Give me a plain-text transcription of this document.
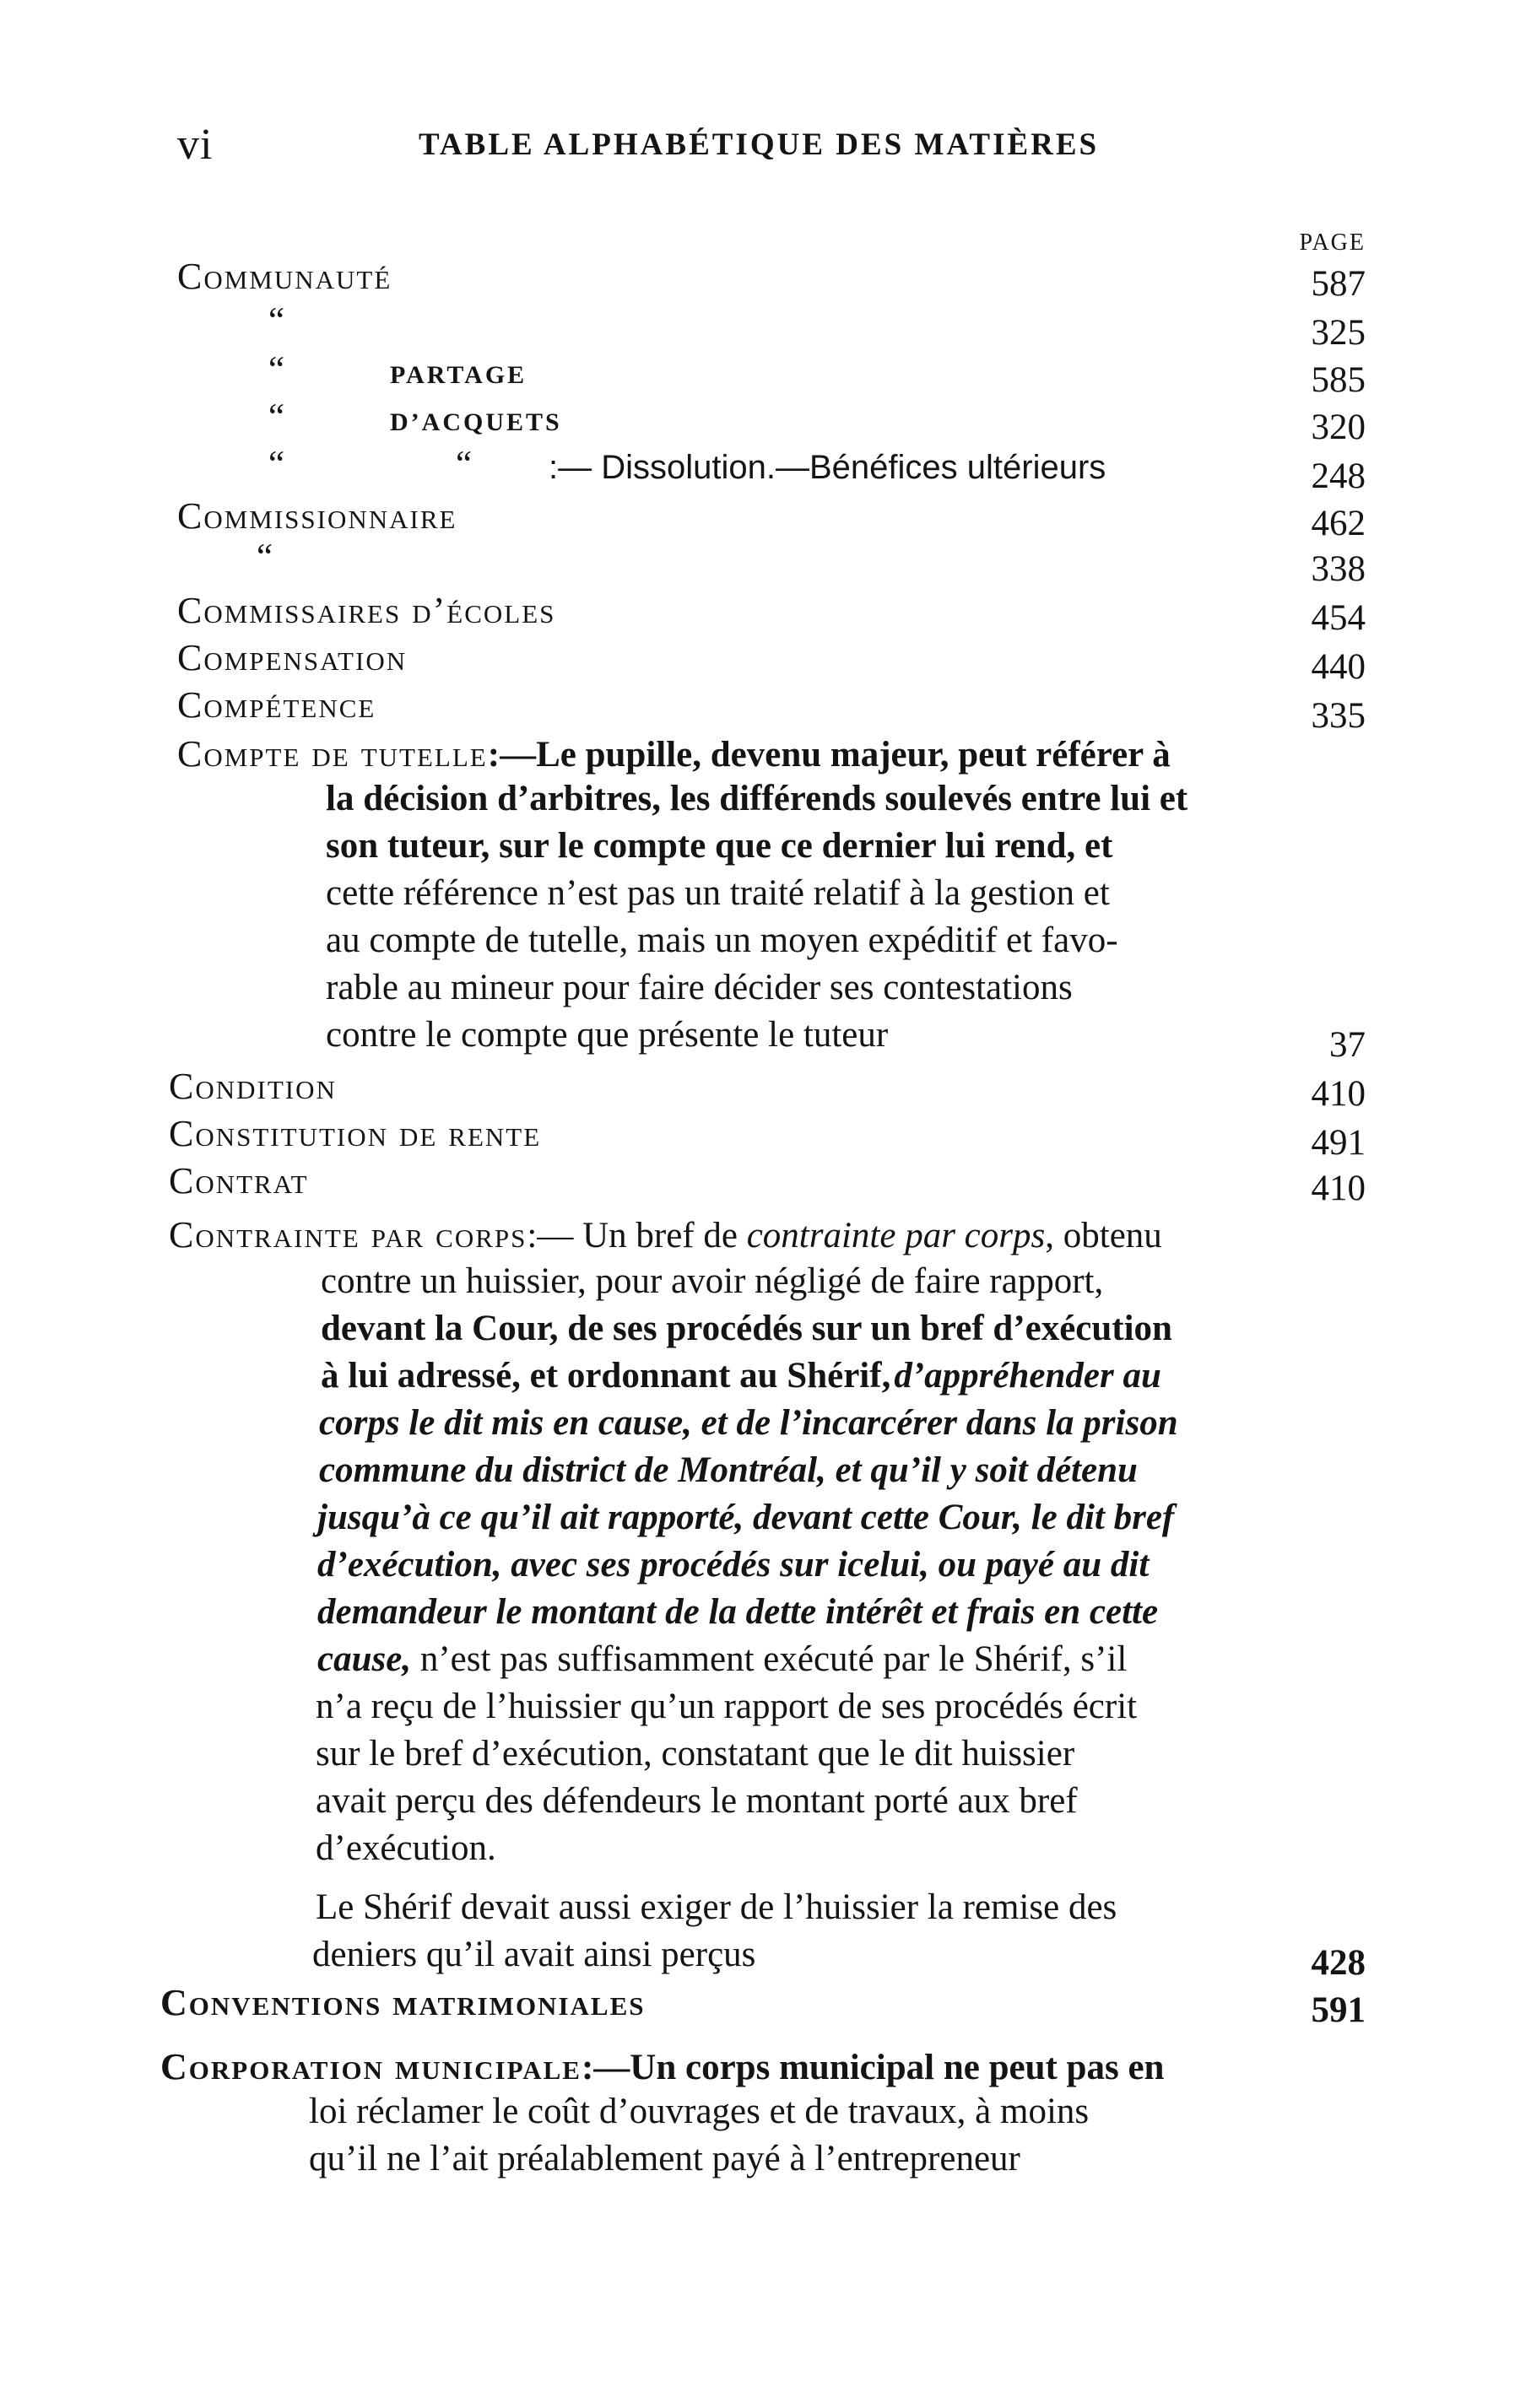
vi	TABLE ALPHABÉTIQUE DES MATIÈRES
PAGE
Communauté	587
“	325
“	PARTAGE	585
“	D’ACQUETS	320
“	“ :— Dissolution.—Bénéfices ultérieurs	248
Commissionnaire	462
“	338
Commissaires d’écoles	454
Compensation	440
Compétence	335
Compte de tutelle:—Le pupille, devenu majeur, peut référer à
la décision d’arbitres, les différends soulevés entre lui et
son tuteur, sur le compte que ce dernier lui rend, et
cette référence n’est pas un traité relatif à la gestion et
au compte de tutelle, mais un moyen expéditif et favo-
rable au mineur pour faire décider ses contestations
contre le compte que présente le tuteur	37
Condition	410
Constitution de rente	491
Contrat	410
Contrainte par corps:— Un bref de contrainte par corps, obtenu
contre un huissier, pour avoir négligé de faire rapport,
devant la Cour, de ses procédés sur un bref d’exécution
à lui adressé, et ordonnant au Shérif, d’appréhender au
corps le dit mis en cause, et de l’incarcérer dans la prison
commune du district de Montréal, et qu’il y soit détenu
jusqu’à ce qu’il ait rapporté, devant cette Cour, le dit bref
d’exécution, avec ses procédés sur icelui, ou payé au dit
demandeur le montant de la dette intérêt et frais en cette
cause, n’est pas suffisamment exécuté par le Shérif, s’il
n’a reçu de l’huissier qu’un rapport de ses procédés écrit
sur le bref d’exécution, constatant que le dit huissier
avait perçu des défendeurs le montant porté aux bref
d’exécution.
Le Shérif devait aussi exiger de l’huissier la remise des
deniers qu’il avait ainsi perçus	428
Conventions matrimoniales	591
Corporation municipale:—Un corps municipal ne peut pas en
loi réclamer le coût d’ouvrages et de travaux, à moins
qu’il ne l’ait préalablement payé à l’entrepreneur
